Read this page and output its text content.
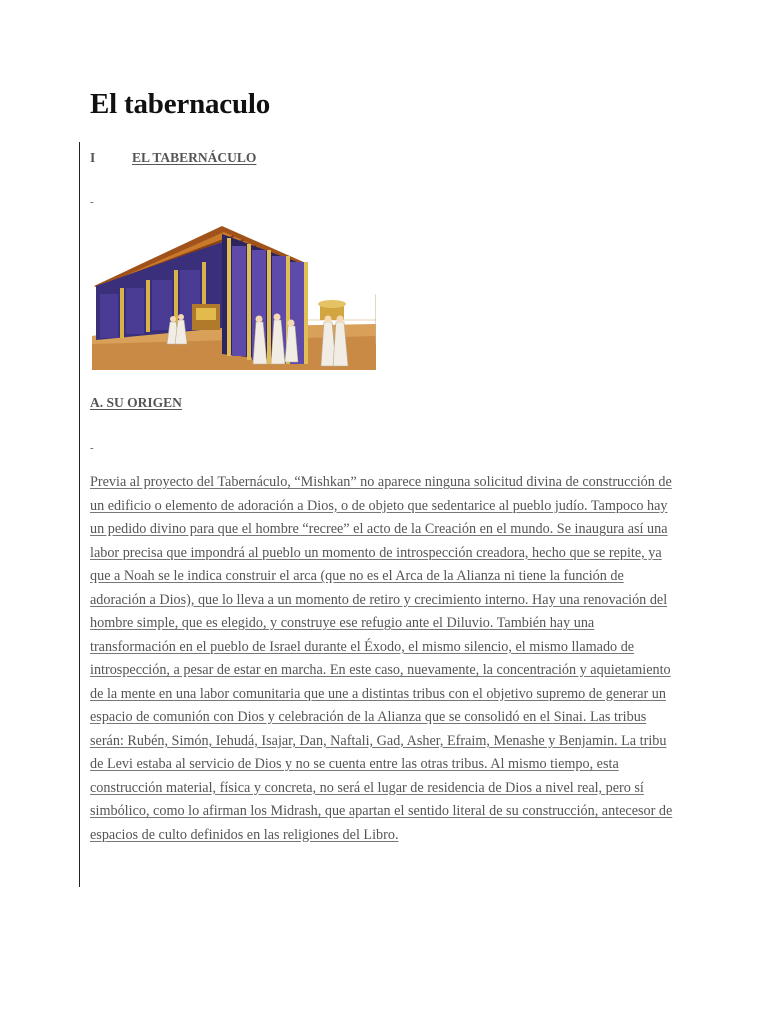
El tabernaculo
I	EL TABERNÁCULO
-
A. SU ORIGEN
-

Previa al proyecto del Tabernáculo, “Mishkan” no aparece ninguna solicitud divina de construcción de un edificio o elemento de adoración a Dios, o de objeto que sedentarice al pueblo judío. Tampoco hay un pedido divino para que el hombre “recree” el acto de la Creación en el mundo. Se inaugura así una labor precisa que impondrá al pueblo un momento de introspección creadora, hecho que se repite, ya que a Noah se le indica construir el arca (que no es el Arca de la Alianza ni tiene la función de adoración a Dios), que lo lleva a un momento de retiro y crecimiento interno. Hay una renovación del hombre simple, que es elegido, y construye ese refugio ante el Diluvio. También hay una transformación en el pueblo de Israel durante el Éxodo, el mismo silencio, el mismo llamado de introspección, a pesar de estar en marcha. En este caso, nuevamente, la concentración y aquietamiento de la mente en una labor comunitaria que une a distintas tribus con el objetivo supremo de generar un espacio de comunión con Dios y celebración de la Alianza que se consolidó en el Sinai. Las tribus serán: Rubén, Simón, Iehudá, Isajar, Dan, Naftali, Gad, Asher, Efraim, Menashe y Benjamin. La tribu de Levi estaba al servicio de Dios y no se cuenta entre las otras tribus. Al mismo tiempo, esta construcción material, física y concreta, no será el lugar de residencia de Dios a nivel real, pero sí simbólico, como lo afirman los Midrash, que apartan el sentido literal de su construcción, antecesor de espacios de culto definidos en las religiones del Libro.
